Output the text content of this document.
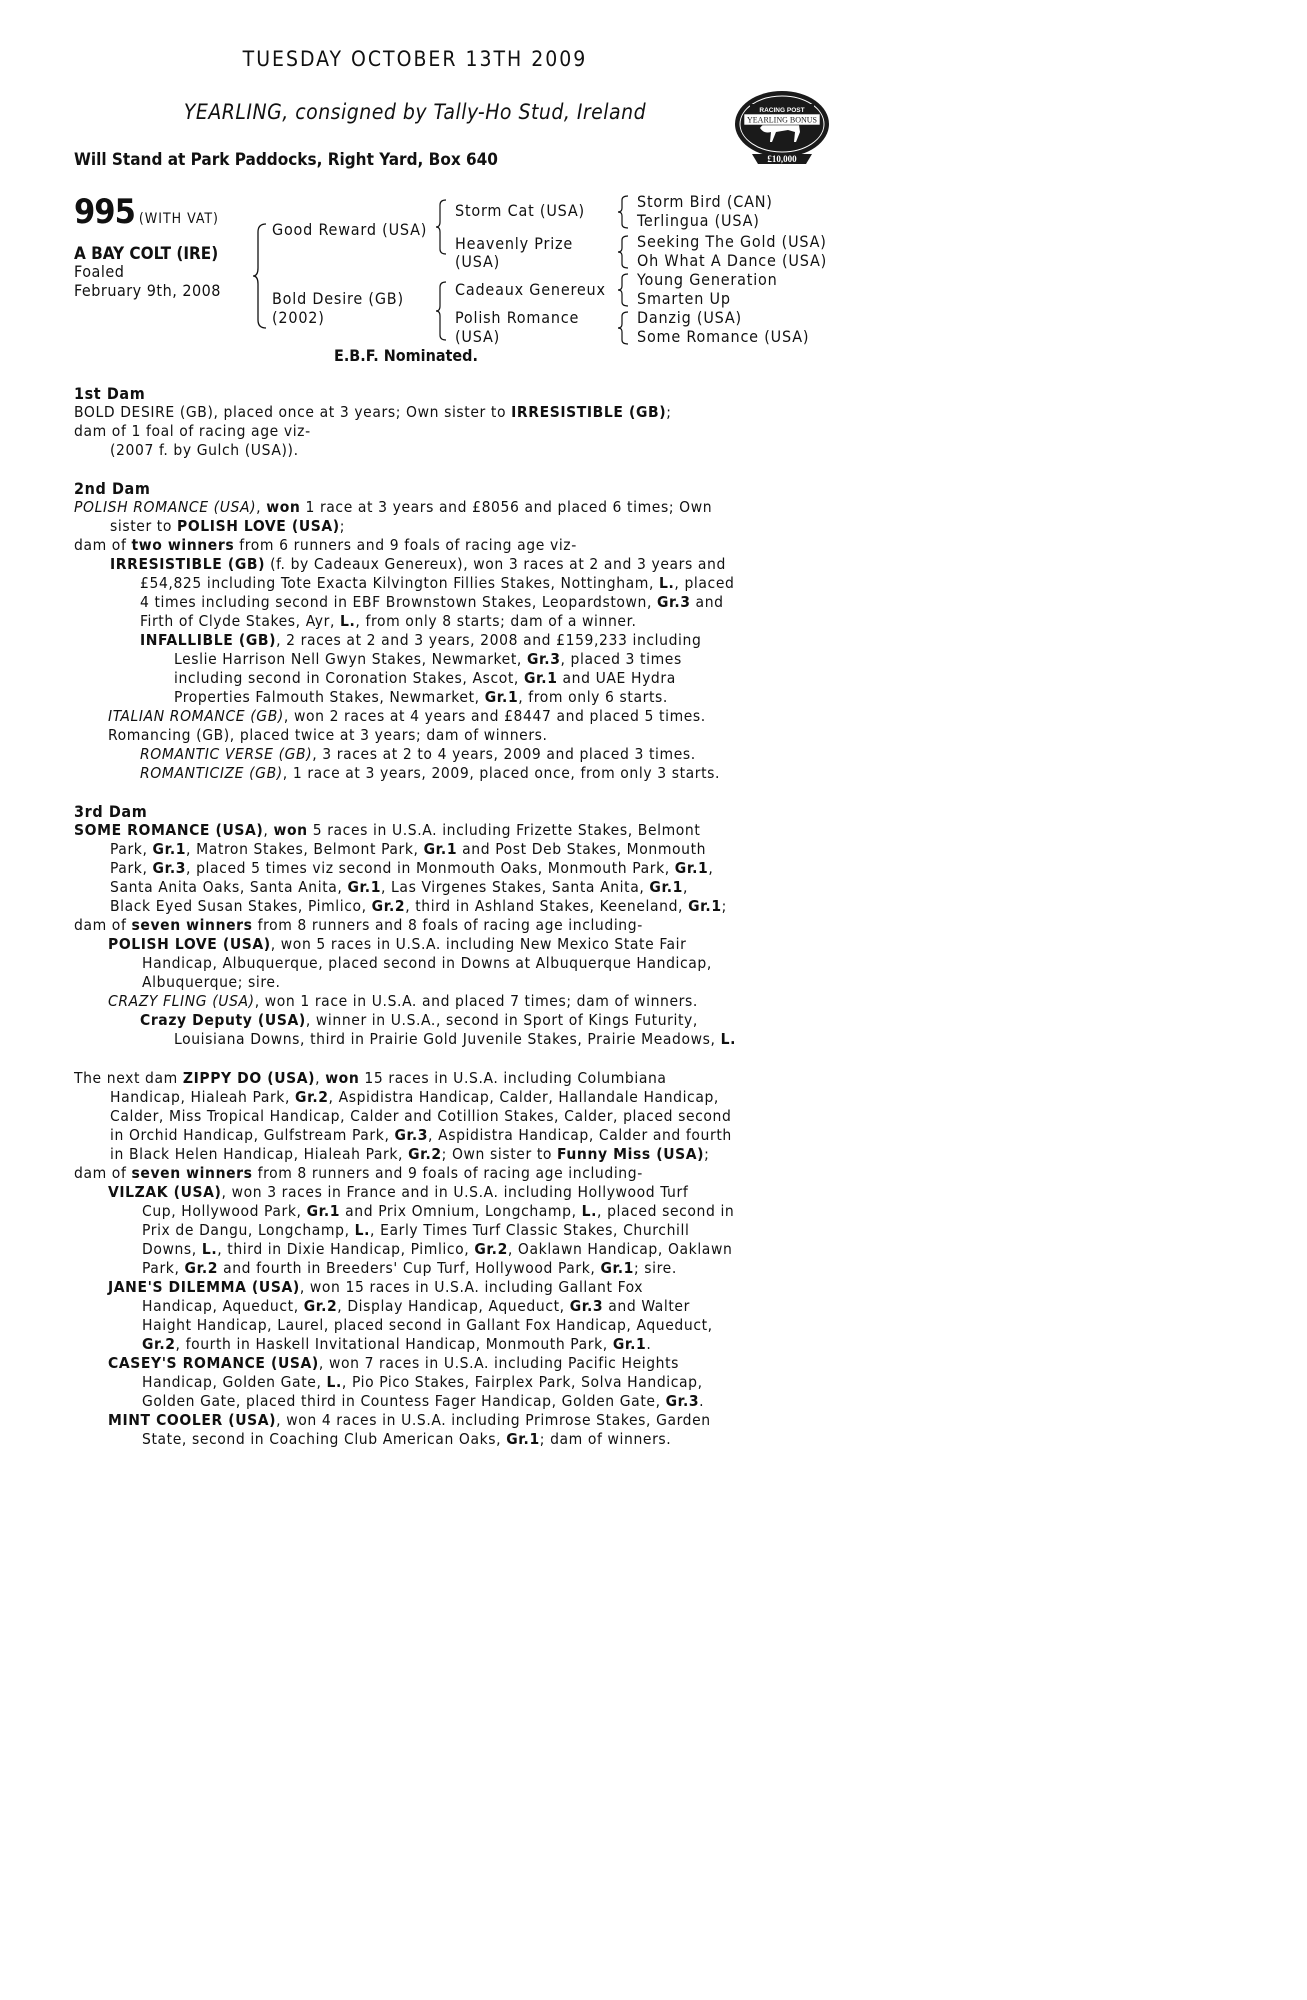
TUESDAY OCTOBER 13TH 2009
YEARLING, consigned by Tally-Ho Stud, Ireland
Will Stand at Park Paddocks, Right Yard, Box 640
RACING POST
YEARLING BONUS
£10,000
995 (WITH VAT)
A BAY COLT (IRE)
Foaled
February 9th, 2008
Good Reward (USA)
Bold Desire (GB)
(2002)
Storm Cat (USA)
Heavenly Prize
(USA)
Cadeaux Genereux
Polish Romance
(USA)
Storm Bird (CAN)
Terlingua (USA)
Seeking The Gold (USA)
Oh What A Dance (USA)
Young Generation
Smarten Up
Danzig (USA)
Some Romance (USA)
E.B.F. Nominated.
1st Dam
BOLD DESIRE (GB), placed once at 3 years; Own sister to IRRESISTIBLE (GB);
dam of 1 foal of racing age viz-
(2007 f. by Gulch (USA)).
2nd Dam
POLISH ROMANCE (USA), won 1 race at 3 years and £8056 and placed 6 times; Own
sister to POLISH LOVE (USA);
dam of two winners from 6 runners and 9 foals of racing age viz-
IRRESISTIBLE (GB) (f. by Cadeaux Genereux), won 3 races at 2 and 3 years and
£54,825 including Tote Exacta Kilvington Fillies Stakes, Nottingham, L., placed
4 times including second in EBF Brownstown Stakes, Leopardstown, Gr.3 and
Firth of Clyde Stakes, Ayr, L., from only 8 starts; dam of a winner.
INFALLIBLE (GB), 2 races at 2 and 3 years, 2008 and £159,233 including
Leslie Harrison Nell Gwyn Stakes, Newmarket, Gr.3, placed 3 times
including second in Coronation Stakes, Ascot, Gr.1 and UAE Hydra
Properties Falmouth Stakes, Newmarket, Gr.1, from only 6 starts.
ITALIAN ROMANCE (GB), won 2 races at 4 years and £8447 and placed 5 times.
Romancing (GB), placed twice at 3 years; dam of winners.
ROMANTIC VERSE (GB), 3 races at 2 to 4 years, 2009 and placed 3 times.
ROMANTICIZE (GB), 1 race at 3 years, 2009, placed once, from only 3 starts.
3rd Dam
SOME ROMANCE (USA), won 5 races in U.S.A. including Frizette Stakes, Belmont
Park, Gr.1, Matron Stakes, Belmont Park, Gr.1 and Post Deb Stakes, Monmouth
Park, Gr.3, placed 5 times viz second in Monmouth Oaks, Monmouth Park, Gr.1,
Santa Anita Oaks, Santa Anita, Gr.1, Las Virgenes Stakes, Santa Anita, Gr.1,
Black Eyed Susan Stakes, Pimlico, Gr.2, third in Ashland Stakes, Keeneland, Gr.1;
dam of seven winners from 8 runners and 8 foals of racing age including-
POLISH LOVE (USA), won 5 races in U.S.A. including New Mexico State Fair
Handicap, Albuquerque, placed second in Downs at Albuquerque Handicap,
Albuquerque; sire.
CRAZY FLING (USA), won 1 race in U.S.A. and placed 7 times; dam of winners.
Crazy Deputy (USA), winner in U.S.A., second in Sport of Kings Futurity,
Louisiana Downs, third in Prairie Gold Juvenile Stakes, Prairie Meadows, L.
The next dam ZIPPY DO (USA), won 15 races in U.S.A. including Columbiana
Handicap, Hialeah Park, Gr.2, Aspidistra Handicap, Calder, Hallandale Handicap,
Calder, Miss Tropical Handicap, Calder and Cotillion Stakes, Calder, placed second
in Orchid Handicap, Gulfstream Park, Gr.3, Aspidistra Handicap, Calder and fourth
in Black Helen Handicap, Hialeah Park, Gr.2; Own sister to Funny Miss (USA);
dam of seven winners from 8 runners and 9 foals of racing age including-
VILZAK (USA), won 3 races in France and in U.S.A. including Hollywood Turf
Cup, Hollywood Park, Gr.1 and Prix Omnium, Longchamp, L., placed second in
Prix de Dangu, Longchamp, L., Early Times Turf Classic Stakes, Churchill
Downs, L., third in Dixie Handicap, Pimlico, Gr.2, Oaklawn Handicap, Oaklawn
Park, Gr.2 and fourth in Breeders' Cup Turf, Hollywood Park, Gr.1; sire.
JANE'S DILEMMA (USA), won 15 races in U.S.A. including Gallant Fox
Handicap, Aqueduct, Gr.2, Display Handicap, Aqueduct, Gr.3 and Walter
Haight Handicap, Laurel, placed second in Gallant Fox Handicap, Aqueduct,
Gr.2, fourth in Haskell Invitational Handicap, Monmouth Park, Gr.1.
CASEY'S ROMANCE (USA), won 7 races in U.S.A. including Pacific Heights
Handicap, Golden Gate, L., Pio Pico Stakes, Fairplex Park, Solva Handicap,
Golden Gate, placed third in Countess Fager Handicap, Golden Gate, Gr.3.
MINT COOLER (USA), won 4 races in U.S.A. including Primrose Stakes, Garden
State, second in Coaching Club American Oaks, Gr.1; dam of winners.
